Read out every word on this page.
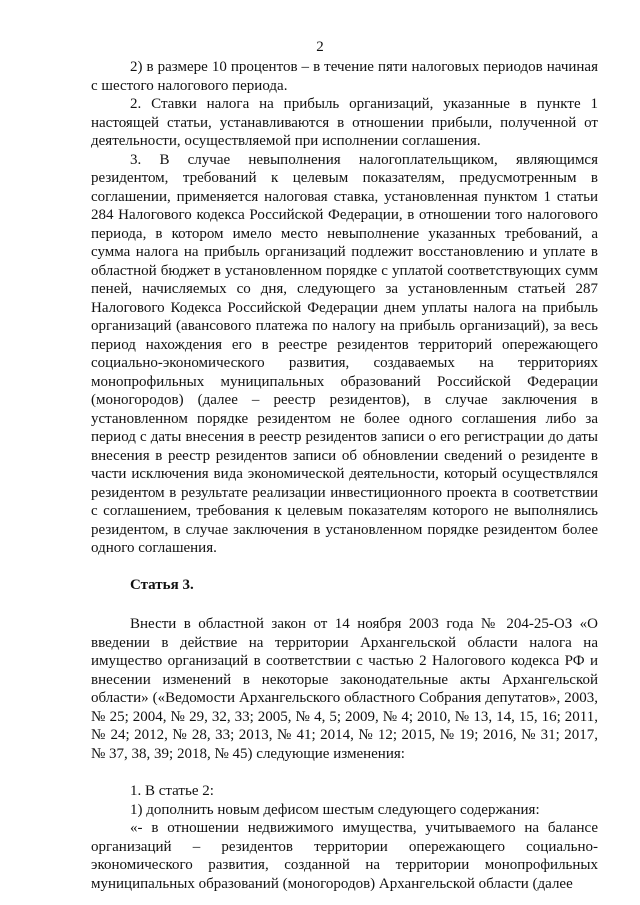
2

2) в размере 10 процентов – в течение пяти налоговых периодов начиная с шестого налогового периода.

2. Ставки налога на прибыль организаций, указанные в пункте 1 настоящей статьи, устанавливаются в отношении прибыли, полученной от деятельности, осуществляемой при исполнении соглашения.

3. В случае невыполнения налогоплательщиком, являющимся резидентом, требований к целевым показателям, предусмотренным в соглашении, применяется налоговая ставка, установленная пунктом 1 статьи 284 Налогового кодекса Российской Федерации, в отношении того налогового периода, в котором имело место невыполнение указанных требований, а сумма налога на прибыль организаций подлежит восстановлению и уплате в областной бюджет в установленном порядке с уплатой соответствующих сумм пеней, начисляемых со дня, следующего за установленным статьей 287 Налогового Кодекса Российской Федерации днем уплаты налога на прибыль организаций (авансового платежа по налогу на прибыль организаций), за весь период нахождения его в реестре резидентов территорий опережающего социально-экономического развития, создаваемых на территориях монопрофильных муниципальных образований Российской Федерации (моногородов) (далее – реестр резидентов), в случае заключения в установленном порядке резидентом не более одного соглашения либо за период с даты внесения в реестр резидентов записи о его регистрации до даты внесения в реестр резидентов записи об обновлении сведений о резиденте в части исключения вида экономической деятельности, который осуществлялся резидентом в результате реализации инвестиционного проекта в соответствии с соглашением, требования к целевым показателям которого не выполнялись резидентом, в случае заключения в установленном порядке резидентом более одного соглашения.

Статья 3.

Внести в областной закон от 14 ноября 2003 года № 204-25-ОЗ «О введении в действие на территории Архангельской области налога на имущество организаций в соответствии с частью 2 Налогового кодекса РФ и внесении изменений в некоторые законодательные акты Архангельской области» («Ведомости Архангельского областного Собрания депутатов», 2003, № 25; 2004, № 29, 32, 33; 2005, № 4, 5; 2009, № 4; 2010, № 13, 14, 15, 16; 2011, № 24; 2012, № 28, 33; 2013, № 41; 2014, № 12; 2015, № 19; 2016, № 31; 2017, № 37, 38, 39; 2018, № 45) следующие изменения:

1. В статье 2:

1) дополнить новым дефисом шестым следующего содержания:

«- в отношении недвижимого имущества, учитываемого на балансе организаций – резидентов территории опережающего социально-экономического развития, созданной на территории монопрофильных муниципальных образований (моногородов) Архангельской области (далее
